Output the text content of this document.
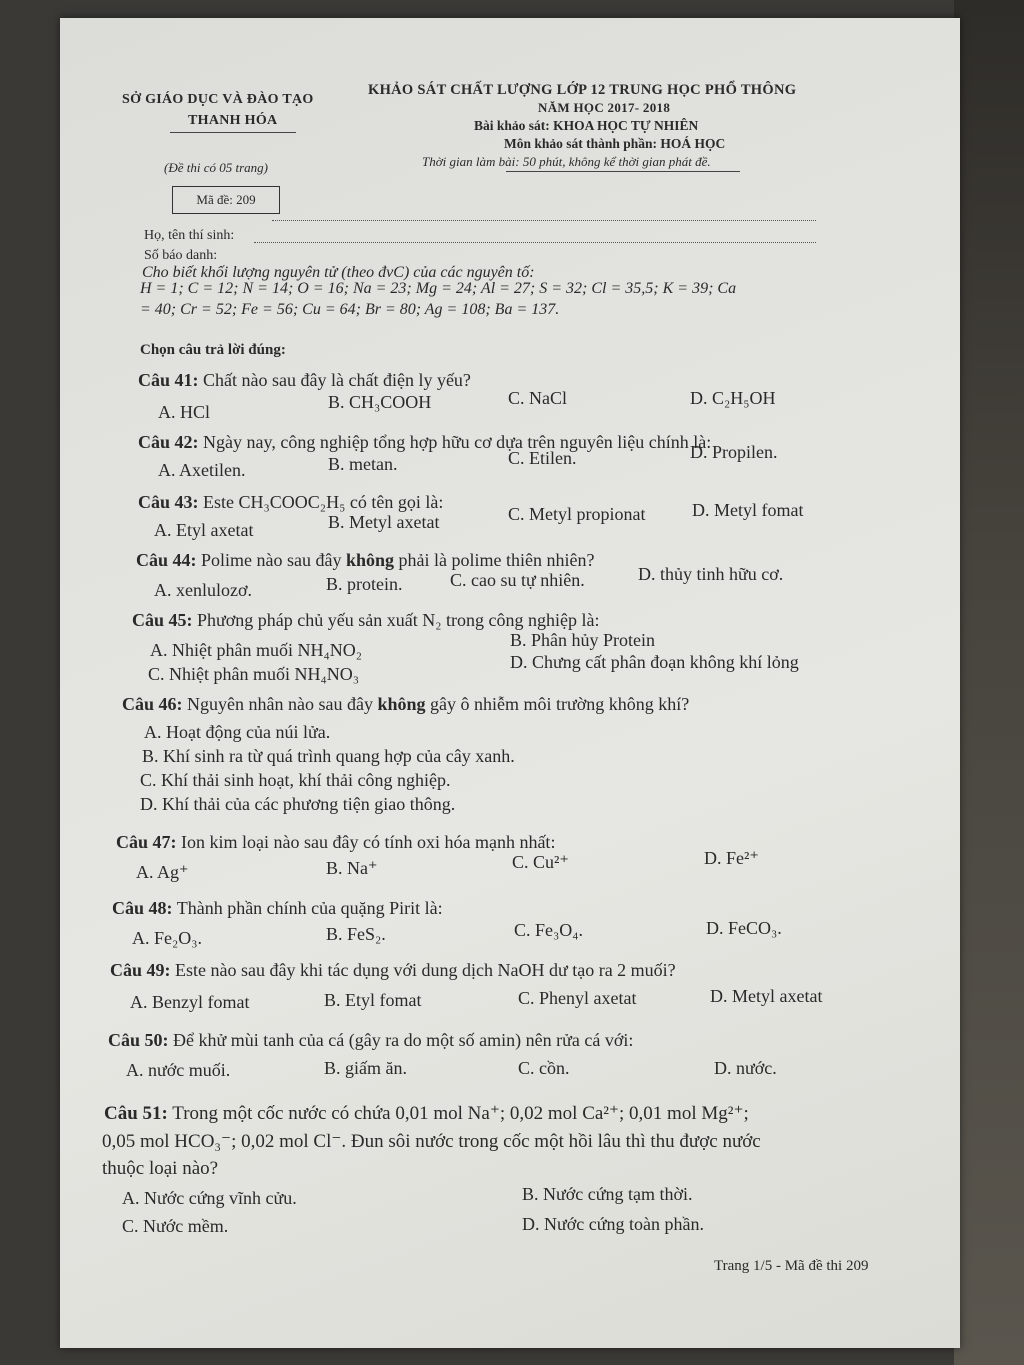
SỞ GIÁO DỤC VÀ ĐÀO TẠO
THANH HÓA
KHẢO SÁT CHẤT LƯỢNG LỚP 12 TRUNG HỌC PHỔ THÔNG
NĂM HỌC 2017- 2018
Bài khảo sát: KHOA HỌC TỰ NHIÊN
Môn khảo sát thành phần: HOÁ HỌC
(Đề thi có 05 trang)	Thời gian làm bài: 50 phút, không kể thời gian phát đề.
Mã đề: 209
Họ, tên thí sinh:
Số báo danh:
Cho biết khối lượng nguyên tử (theo đvC) của các nguyên tố:
H = 1; C = 12; N = 14; O = 16; Na = 23; Mg = 24; Al = 27; S = 32; Cl = 35,5; K = 39; Ca
= 40; Cr = 52; Fe = 56; Cu = 64; Br = 80; Ag = 108; Ba = 137.
Chọn câu trả lời đúng:
Câu 41: Chất nào sau đây là chất điện ly yếu?
A. HCl	B. CH₃COOH	C. NaCl	D. C₂H₅OH
Câu 42: Ngày nay, công nghiệp tổng hợp hữu cơ dựa trên nguyên liệu chính là:
A. Axetilen.	B. metan.	C. Etilen.	D. Propilen.
Câu 43: Este CH₃COOC₂H₅ có tên gọi là:
A. Etyl axetat	B. Metyl axetat	C. Metyl propionat	D. Metyl fomat
Câu 44: Polime nào sau đây không phải là polime thiên nhiên?
A. xenlulozơ.	B. protein.	C. cao su tự nhiên.	D. thủy tinh hữu cơ.
Câu 45: Phương pháp chủ yếu sản xuất N₂ trong công nghiệp là:
A. Nhiệt phân muối NH₄NO₂	B. Phân hủy Protein
C. Nhiệt phân muối NH₄NO₃
D. Chưng cất phân đoạn không khí lỏng
Câu 46: Nguyên nhân nào sau đây không gây ô nhiễm môi trường không khí?
A. Hoạt động của núi lửa.
B. Khí sinh ra từ quá trình quang hợp của cây xanh.
C. Khí thải sinh hoạt, khí thải công nghiệp.
D. Khí thải của các phương tiện giao thông.
Câu 47: Ion kim loại nào sau đây có tính oxi hóa mạnh nhất:
A. Ag⁺	B. Na⁺	C. Cu²⁺	D. Fe²⁺
Câu 48: Thành phần chính của quặng Pirit là:
A. Fe₂O₃.	B. FeS₂.	C. Fe₃O₄.	D. FeCO₃.
Câu 49: Este nào sau đây khi tác dụng với dung dịch NaOH dư tạo ra 2 muối?
A. Benzyl fomat	B. Etyl fomat	C. Phenyl axetat	D. Metyl axetat
Câu 50: Để khử mùi tanh của cá (gây ra do một số amin) nên rửa cá với:
A. nước muối.	B. giấm ăn.	C. cồn.	D. nước.
Câu 51: Trong một cốc nước có chứa 0,01 mol Na⁺; 0,02 mol Ca²⁺; 0,01 mol Mg²⁺;
0,05 mol HCO₃⁻; 0,02 mol Cl⁻. Đun sôi nước trong cốc một hồi lâu thì thu được nước
thuộc loại nào?
A. Nước cứng vĩnh cửu.	B. Nước cứng tạm thời.
C. Nước mềm.	D. Nước cứng toàn phần.
Trang 1/5 - Mã đề thi 209
